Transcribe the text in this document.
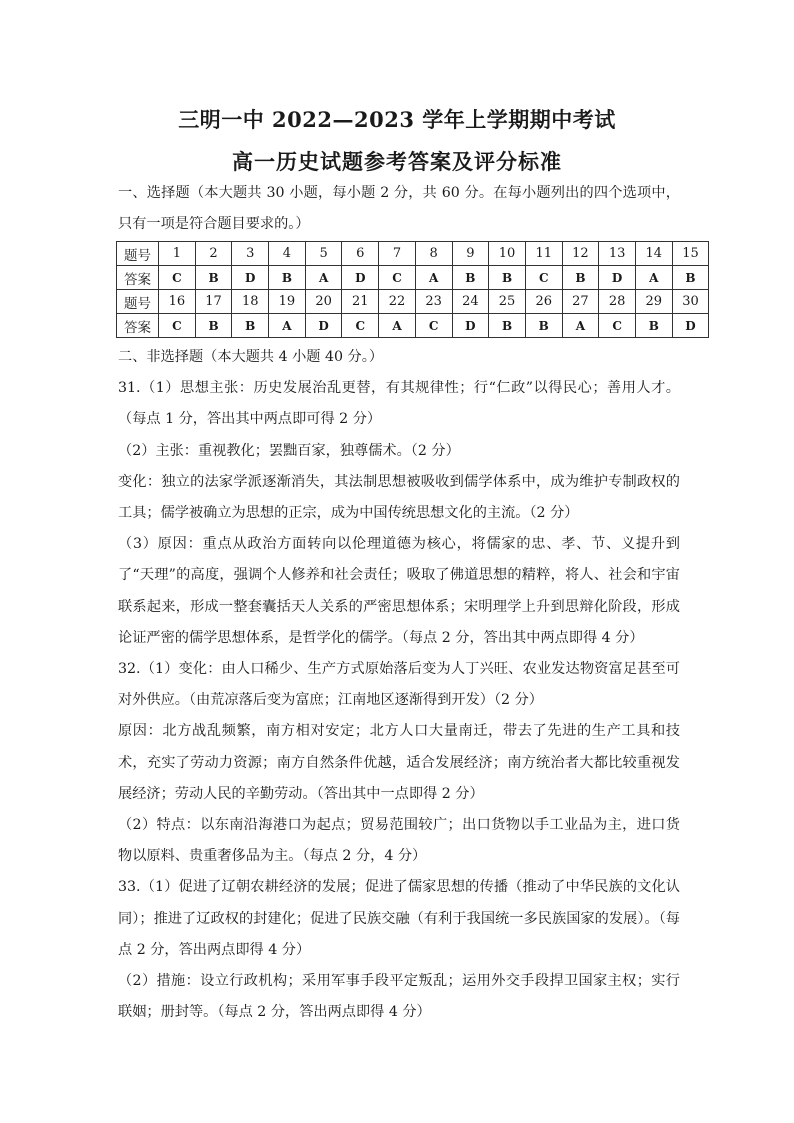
三明一中 2022—2023 学年上学期期中考试
高一历史试题参考答案及评分标准

一、选择题（本大题共 30 小题，每小题 2 分，共 60 分。在每小题列出的四个选项中，只有一项是符合题目要求的。）

题号	1	2	3	4	5	6	7	8	9	10	11	12	13	14	15
答案	C	B	D	B	A	D	C	A	B	B	C	B	D	A	B
题号	16	17	18	19	20	21	22	23	24	25	26	27	28	29	30
答案	C	B	B	A	D	C	A	C	D	B	B	A	C	B	D

二、非选择题（本大题共 4 小题 40 分。）

31.（1）思想主张：历史发展治乱更替，有其规律性；行“仁政”以得民心；善用人才。（每点 1 分，答出其中两点即可得 2 分）

（2）主张：重视教化；罢黜百家，独尊儒术。（2 分）

变化：独立的法家学派逐渐消失，其法制思想被吸收到儒学体系中，成为维护专制政权的工具；儒学被确立为思想的正宗，成为中国传统思想文化的主流。（2 分）

（3）原因：重点从政治方面转向以伦理道德为核心，将儒家的忠、孝、节、义提升到了“天理”的高度，强调个人修养和社会责任；吸取了佛道思想的精粹，将人、社会和宇宙联系起来，形成一整套囊括天人关系的严密思想体系；宋明理学上升到思辩化阶段，形成论证严密的儒学思想体系，是哲学化的儒学。（每点 2 分，答出其中两点即得 4 分）

32.（1）变化：由人口稀少、生产方式原始落后变为人丁兴旺、农业发达物资富足甚至可对外供应。（由荒凉落后变为富庶；江南地区逐渐得到开发）（2 分）

原因：北方战乱频繁，南方相对安定；北方人口大量南迁，带去了先进的生产工具和技术，充实了劳动力资源；南方自然条件优越，适合发展经济；南方统治者大都比较重视发展经济；劳动人民的辛勤劳动。（答出其中一点即得 2 分）

（2）特点：以东南沿海港口为起点；贸易范围较广；出口货物以手工业品为主，进口货物以原料、贵重奢侈品为主。（每点 2 分，4 分）

33.（1）促进了辽朝农耕经济的发展；促进了儒家思想的传播（推动了中华民族的文化认同）；推进了辽政权的封建化；促进了民族交融（有利于我国统一多民族国家的发展）。（每点 2 分，答出两点即得 4 分）

（2）措施：设立行政机构；采用军事手段平定叛乱；运用外交手段捍卫国家主权；实行联姻；册封等。（每点 2 分，答出两点即得 4 分）
